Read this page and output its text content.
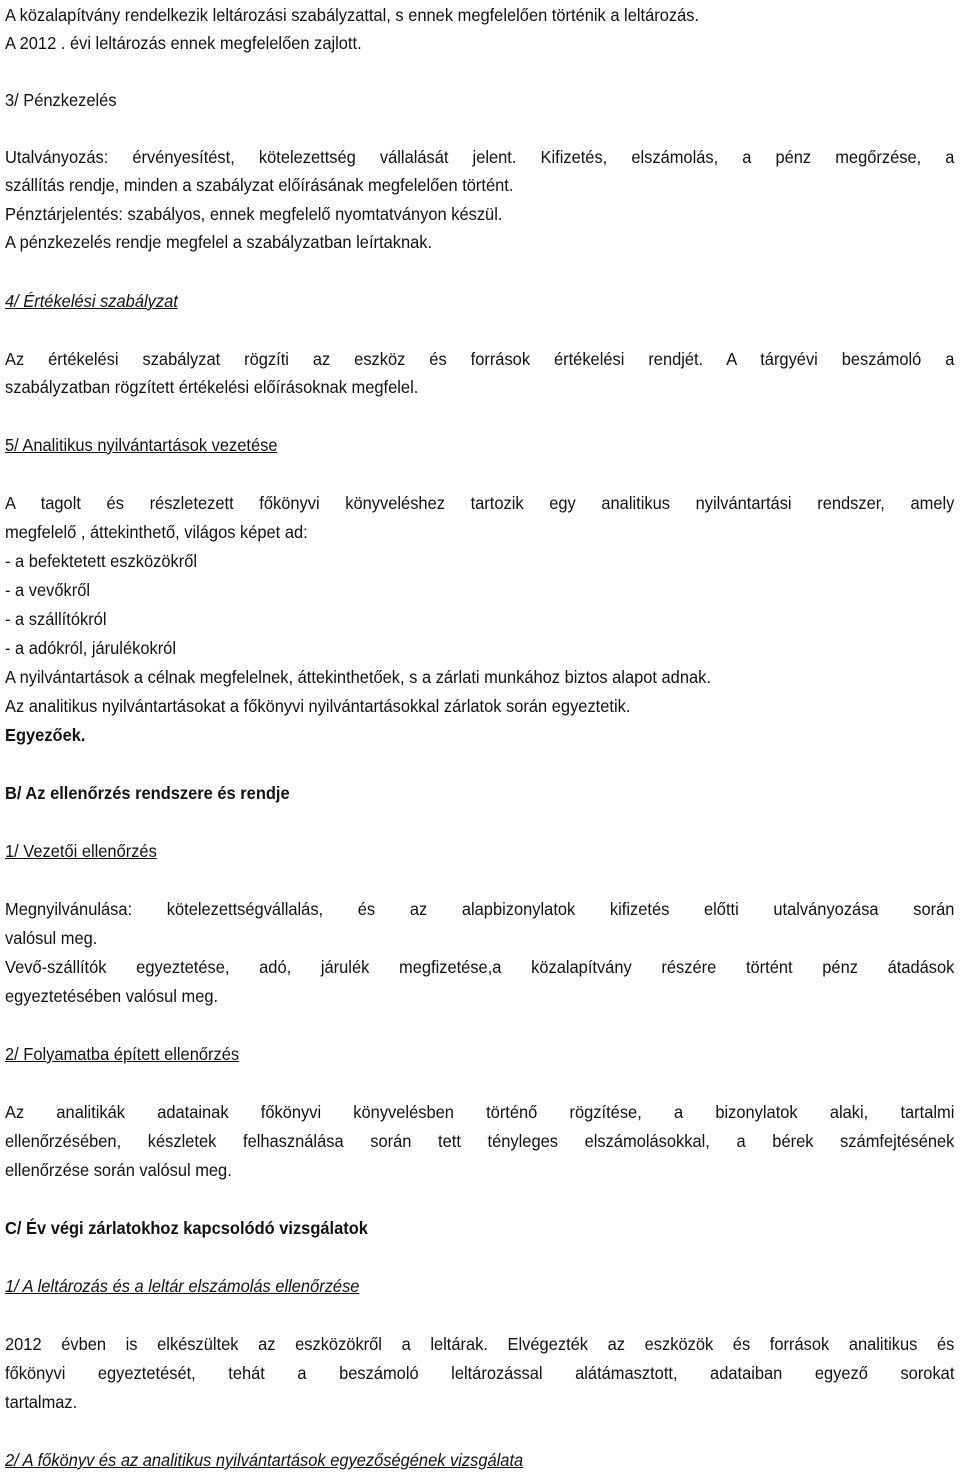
A közalapítvány rendelkezik leltározási szabályzattal, s ennek megfelelően történik a leltározás.
A 2012 . évi leltározás ennek megfelelően zajlott.
3/ Pénzkezelés
Utalványozás: érvényesítést, kötelezettség vállalását jelent. Kifizetés, elszámolás, a pénz megőrzése, a
szállítás rendje, minden a szabályzat előírásának megfelelően történt.
Pénztárjelentés: szabályos, ennek megfelelő nyomtatványon készül.
A pénzkezelés rendje megfelel a szabályzatban leírtaknak.
4/ Értékelési szabályzat
Az értékelési szabályzat rögzíti az eszköz és források értékelési rendjét. A tárgyévi beszámoló a
szabályzatban rögzített értékelési előírásoknak megfelel.
5/ Analitikus nyilvántartások vezetése
A tagolt és részletezett főkönyvi könyveléshez tartozik egy analitikus nyilvántartási rendszer, amely
megfelelő , áttekinthető, világos képet ad:
- a befektetett eszközökről
- a vevőkről
- a szállítókról
- a adókról, járulékokról
A nyilvántartások a célnak megfelelnek, áttekinthetőek, s a zárlati munkához biztos alapot adnak.
Az analitikus nyilvántartásokat a főkönyvi nyilvántartásokkal zárlatok során egyeztetik.
Egyezőek.
B/ Az ellenőrzés rendszere és rendje
1/ Vezetői ellenőrzés
Megnyilvánulása: kötelezettségvállalás, és az alapbizonylatok kifizetés előtti utalványozása során
valósul meg.
Vevő-szállítók egyeztetése, adó, járulék megfizetése,a közalapítvány részére történt pénz átadások
egyeztetésében valósul meg.
2/ Folyamatba épített ellenőrzés
Az analitikák adatainak főkönyvi könyvelésben történő rögzítése, a bizonylatok alaki, tartalmi
ellenőrzésében, készletek felhasználása során tett tényleges elszámolásokkal, a bérek számfejtésének
ellenőrzése során valósul meg.
C/ Év végi zárlatokhoz kapcsolódó vizsgálatok
1/ A leltározás és a leltár elszámolás ellenőrzése
2012 évben is elkészültek az eszközökről a leltárak. Elvégezték az eszközök és források analitikus és
főkönyvi egyeztetését, tehát a beszámoló leltározással alátámasztott, adataiban egyező sorokat
tartalmaz.
2/ A főkönyv és az analitikus nyilvántartások egyezőségének vizsgálata
